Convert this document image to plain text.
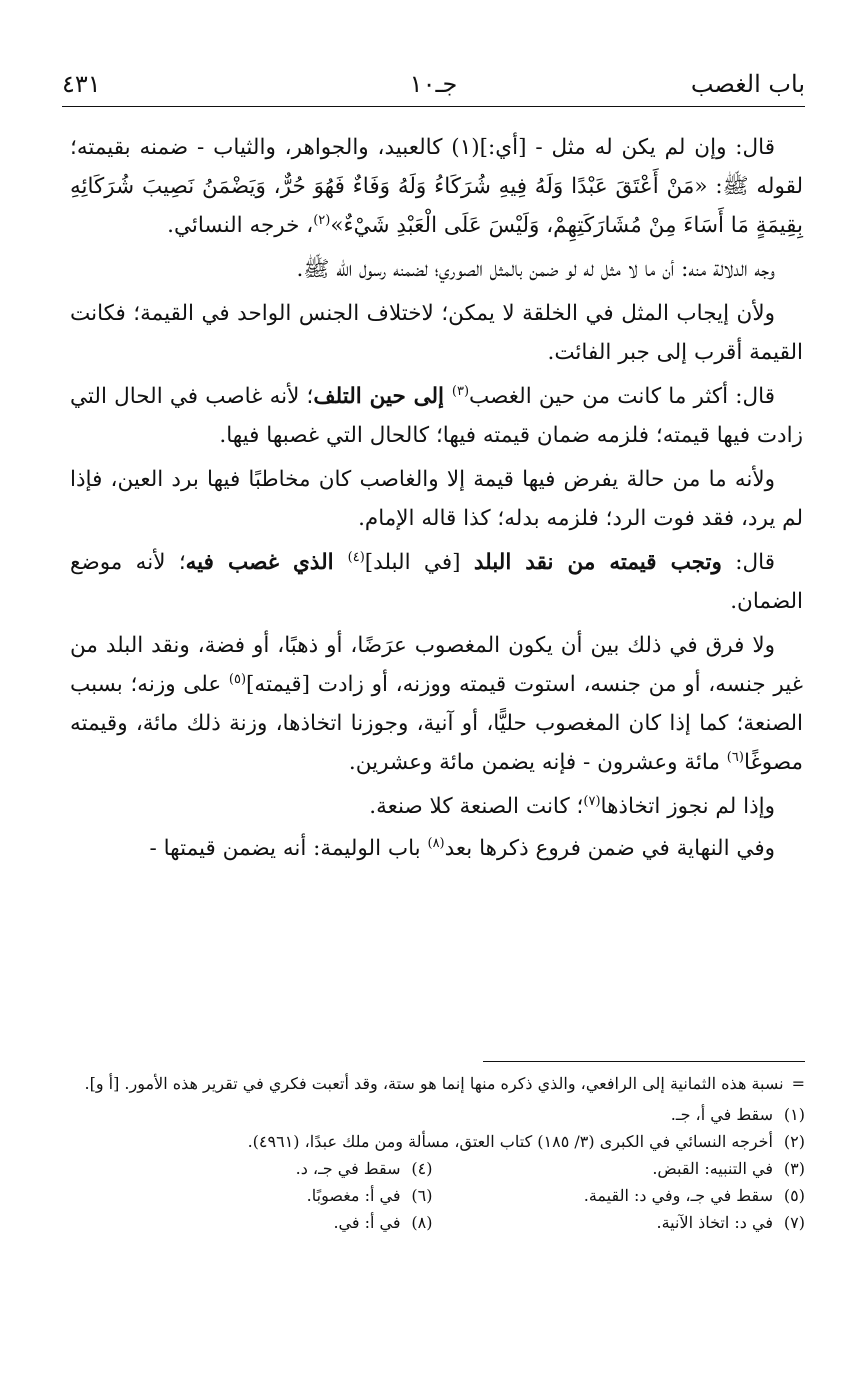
باب الغصب
جـ١٠
٤٣١

قال: وإن لم يكن له مثل - [أي:](١) كالعبيد، والجواهر، والثياب - ضمنه بقيمته؛ لقوله ﷺ: «مَنْ أَعْتَقَ عَبْدًا وَلَهُ فِيهِ شُرَكَاءُ وَلَهُ وَفَاءٌ فَهُوَ حُرٌّ، وَيَضْمَنُ نَصِيبَ شُرَكَائِهِ بِقِيمَةٍ مَا أَسَاءَ مِنْ مُشَارَكَتِهِمْ، وَلَيْسَ عَلَى الْعَبْدِ شَيْءٌ»$^{(٢)}$، خرجه النسائي.

وجه الدلالة منه: أن ما لا مثل له لو ضمن بالمثل الصوري؛ لضمنه رسول الله ﷺ.

ولأن إيجاب المثل في الخلقة لا يمكن؛ لاختلاف الجنس الواحد في القيمة؛ فكانت القيمة أقرب إلى جبر الفائت.

قال: أكثر ما كانت من حين الغصب$^{(٣)}$ إلى حين التلف؛ لأنه غاصب في الحال التي زادت فيها قيمته؛ فلزمه ضمان قيمته فيها؛ كالحال التي غصبها فيها.

ولأنه ما من حالة يفرض فيها قيمة إلا والغاصب كان مخاطبًا فيها برد العين، فإذا لم يرد، فقد فوت الرد؛ فلزمه بدله؛ كذا قاله الإمام.

قال: وتجب قيمته من نقد البلد [في البلد]$^{(٤)}$ الذي غصب فيه؛ لأنه موضع الضمان.

ولا فرق في ذلك بين أن يكون المغصوب عرَضًا، أو ذهبًا، أو فضة، ونقد البلد من غير جنسه، أو من جنسه، استوت قيمته ووزنه، أو زادت [قيمته]$^{(٥)}$ على وزنه؛ بسبب الصنعة؛ كما إذا كان المغصوب حليًّا، أو آنية، وجوزنا اتخاذها، وزنة ذلك مائة، وقيمته مصوغًا$^{(٦)}$ مائة وعشرون - فإنه يضمن مائة وعشرين.

وإذا لم نجوز اتخاذها$^{(٧)}$؛ كانت الصنعة كلا صنعة.

وفي النهاية في ضمن فروع ذكرها بعد$^{(٨)}$ باب الوليمة: أنه يضمن قيمتها -

=نسبة هذه الثمانية إلى الرافعي، والذي ذكره منها إنما هو ستة، وقد أتعبت فكري في تقرير هذه الأمور. [أ و].

(١)سقط في أ، جـ.

(٢)أخرجه النسائي في الكبرى (٣/ ١٨٥) كتاب العتق، مسألة ومن ملك عبدًا، (٤٩٦١).

(٣)في التنبيه: القبض.
(٤)سقط في جـ، د.
(٥)سقط في جـ، وفي د: القيمة.
(٦)في أ: مغصوبًا.
(٧)في د: اتخاذ الآنية.
(٨)في أ: في.
